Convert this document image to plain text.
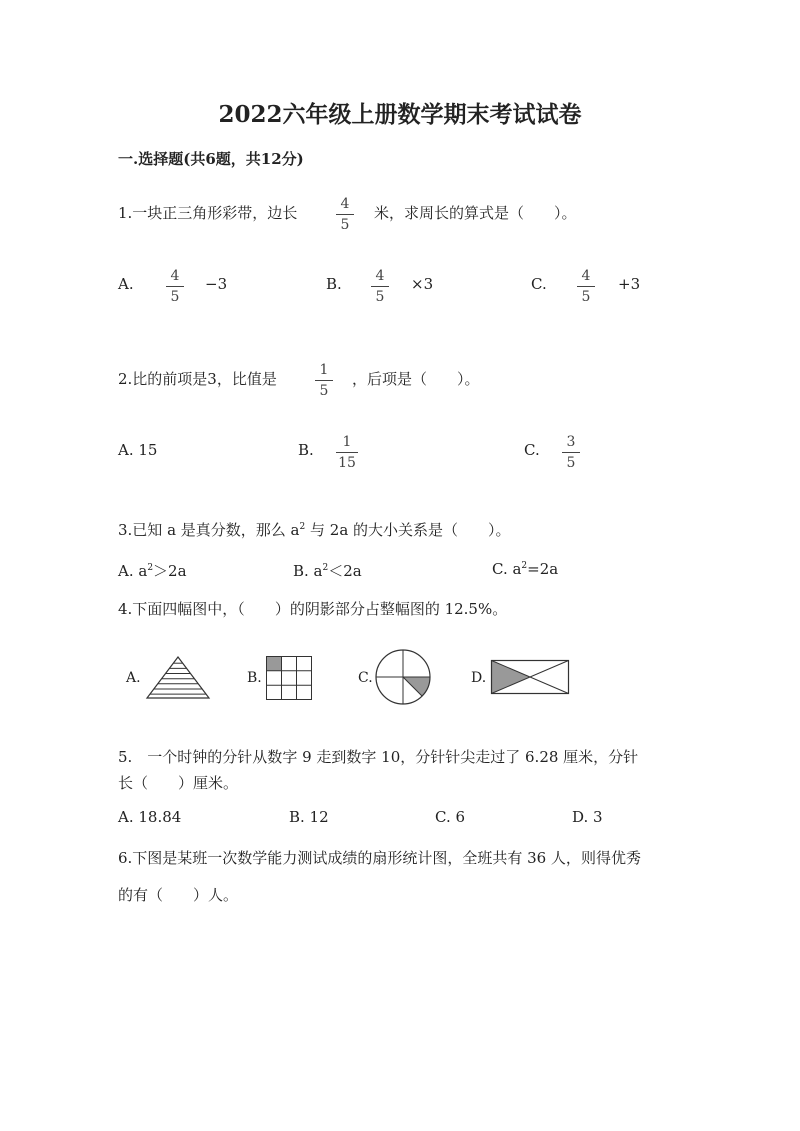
2022六年级上册数学期末考试试卷
一.选择题(共6题，共12分)
1.一块正三角形彩带，边长	4
5
米，求周长的算式是（　　）。
A.	4
5
−3	B.	4
5
×3	C.	4
5
+3
2.比的前项是3，比值是	1
5
，后项是（　　）。
A. 15	B.	1
15
C.	3
5
3.已知 a 是真分数，那么 $a^2$ 与 2a 的大小关系是（　　）。
A. $a^2>2a$	B. $a^2<2a$	C. $a^2=2a$
4.下面四幅图中，（　　）的阴影部分占整幅图的 12.5%。
A.	B.	C.	D.
5.　一个时钟的分针从数字 9 走到数字 10，分针针尖走过了 6.28 厘米，分针
长（　　）厘米。
A. 18.84	B. 12	C. 6	D. 3
6.下图是某班一次数学能力测试成绩的扇形统计图，全班共有 36 人，则得优秀
的有（　　）人。
